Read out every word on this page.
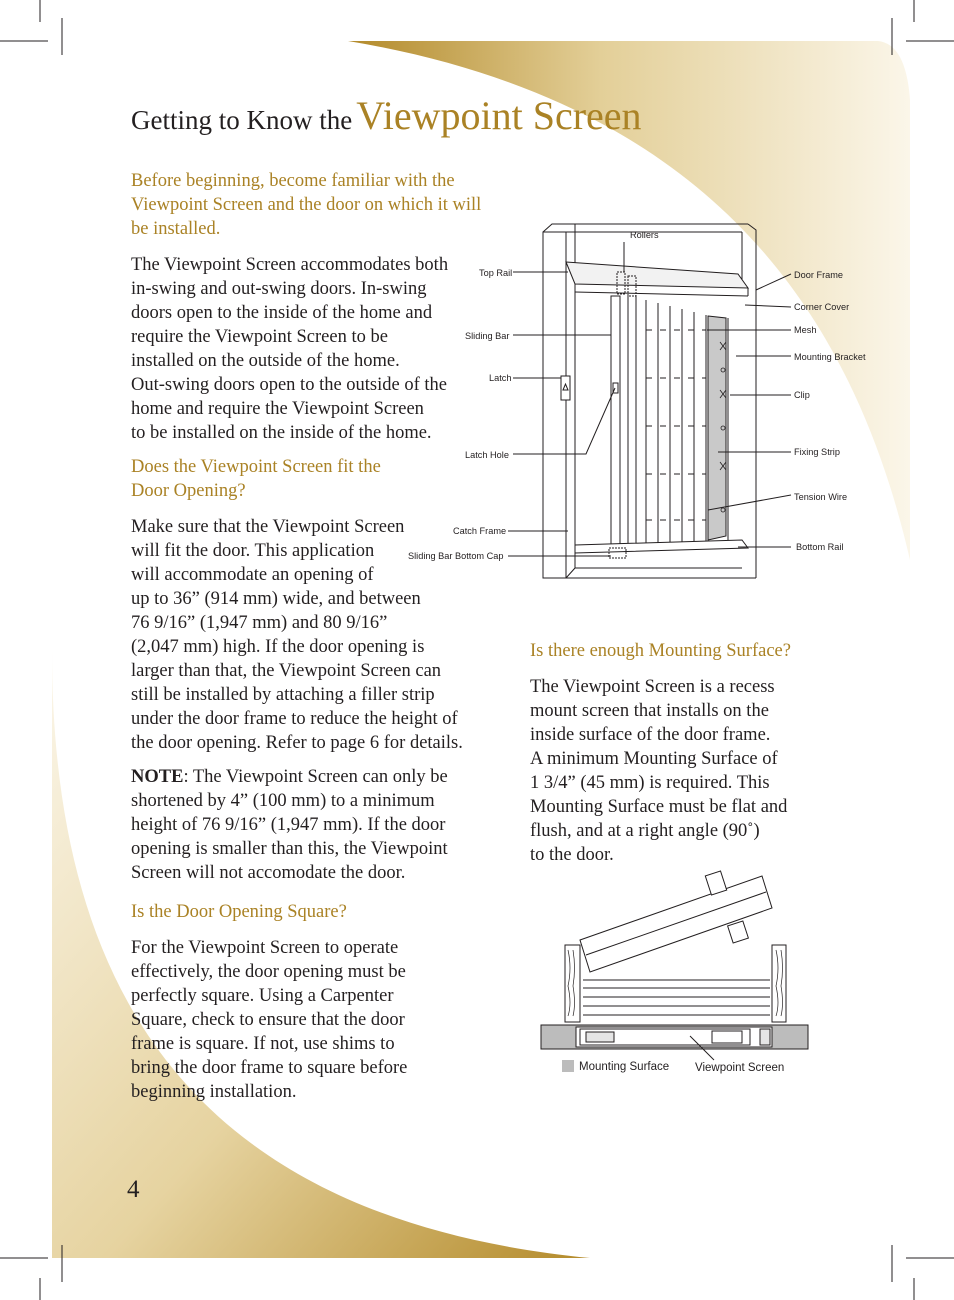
Getting to Know the Viewpoint Screen
Before beginning, become familiar with the Viewpoint Screen and the door on which it will be installed.
The Viewpoint Screen accommodates both
in-swing and out-swing doors. In-swing
doors open to the inside of the home and
require the Viewpoint Screen to be
installed on the outside of the home.
Out-swing doors open to the outside of the
home and require the Viewpoint Screen
to be installed on the inside of the home.
Does the Viewpoint Screen fit the
Door Opening?
Make sure that the Viewpoint Screen
will fit the door. This application
will accommodate an opening of
up to 36” (914 mm) wide, and between
76 9/16” (1,947 mm) and 80 9/16”
(2,047 mm) high. If the door opening is
larger than that, the Viewpoint Screen can
still be installed by attaching a filler strip
under the door frame to reduce the height of
the door opening. Refer to page 6 for details.
NOTE: The Viewpoint Screen can only be
shortened by 4” (100 mm) to a minimum
height of 76 9/16” (1,947 mm). If the door
opening is smaller than this, the Viewpoint
Screen will not accomodate the door.
Is the Door Opening Square?
For the Viewpoint Screen to operate
effectively, the door opening must be
perfectly square. Using a Carpenter
Square, check to ensure that the door
frame is square. If not, use shims to
bring the door frame to square before
beginning installation.
Is there enough Mounting Surface?
The Viewpoint Screen is a recess
mount screen that installs on the
inside surface of the door frame.
A minimum Mounting Surface of
1 3/4” (45 mm) is required. This
Mounting Surface must be flat and
flush, and at a right angle (90˚)
to the door.
Rollers
Top Rail
Sliding Bar
Latch
Latch Hole
Catch Frame
Sliding Bar Bottom Cap
Door Frame
Corner Cover
Mesh
Mounting Bracket
Clip
Fixing Strip
Tension Wire
Bottom Rail
Mounting Surface Viewpoint Screen
4
